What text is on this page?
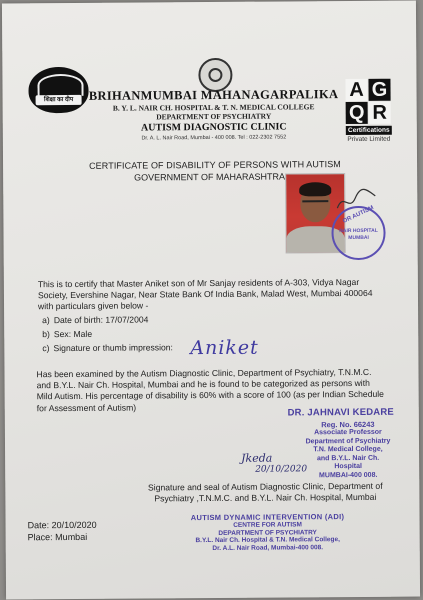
शिक्षा का दीप	BRIHANMUMBAI MAHANAGARPALIKA
B. Y. L. NAIR CH. HOSPITAL & T. N. MEDICAL COLLEGE
DEPARTMENT OF PSYCHIATRY
AUTISM DIAGNOSTIC CLINIC
Dr. A. L. Nair Road, Mumbai - 400 008. Tel : 022-2302 7552
A G
Q R
Certifications
Private Limited
CERTIFICATE OF DISABILITY OF PERSONS WITH AUTISM
GOVERNMENT OF MAHARASHTRA
OR AUTISM
NAIR HOSPITAL
MUMBAI
This is to certify that Master Aniket son of Mr Sanjay residents of A-303, Vidya Nagar Society, Evershine Nagar, Near State Bank Of India Bank, Malad West, Mumbai 400064 with particulars given below -
a) Date of birth: 17/07/2004
b) Sex: Male
c) Signature or thumb impression: Aniket
Has been examined by the Autism Diagnostic Clinic, Department of Psychiatry, T.N.M.C. and B.Y.L. Nair Ch. Hospital, Mumbai and he is found to be categorized as persons with Mild Autism. His percentage of disability is 60% with a score of 100 (as per Indian Schedule for Assessment of Autism)	DR. JAHNAVI KEDARE
Reg. No. 66243
Associate Professor
Department of Psychiatry
T.N. Medical College,
and B.Y.L. Nair Ch. Hospital
MUMBAI-400 008.
Jkeda
20/10/2020
Signature and seal of Autism Diagnostic Clinic, Department of Psychiatry ,T.N.M.C. and B.Y.L. Nair Ch. Hospital, Mumbai
Date: 20/10/2020
Place: Mumbai
AUTISM DYNAMIC INTERVENTION (ADI)
CENTRE FOR AUTISM
DEPARTMENT OF PSYCHIATRY
B.Y.L. Nair Ch. Hospital & T.N. Medical College,
Dr. A.L. Nair Road, Mumbai-400 008.
